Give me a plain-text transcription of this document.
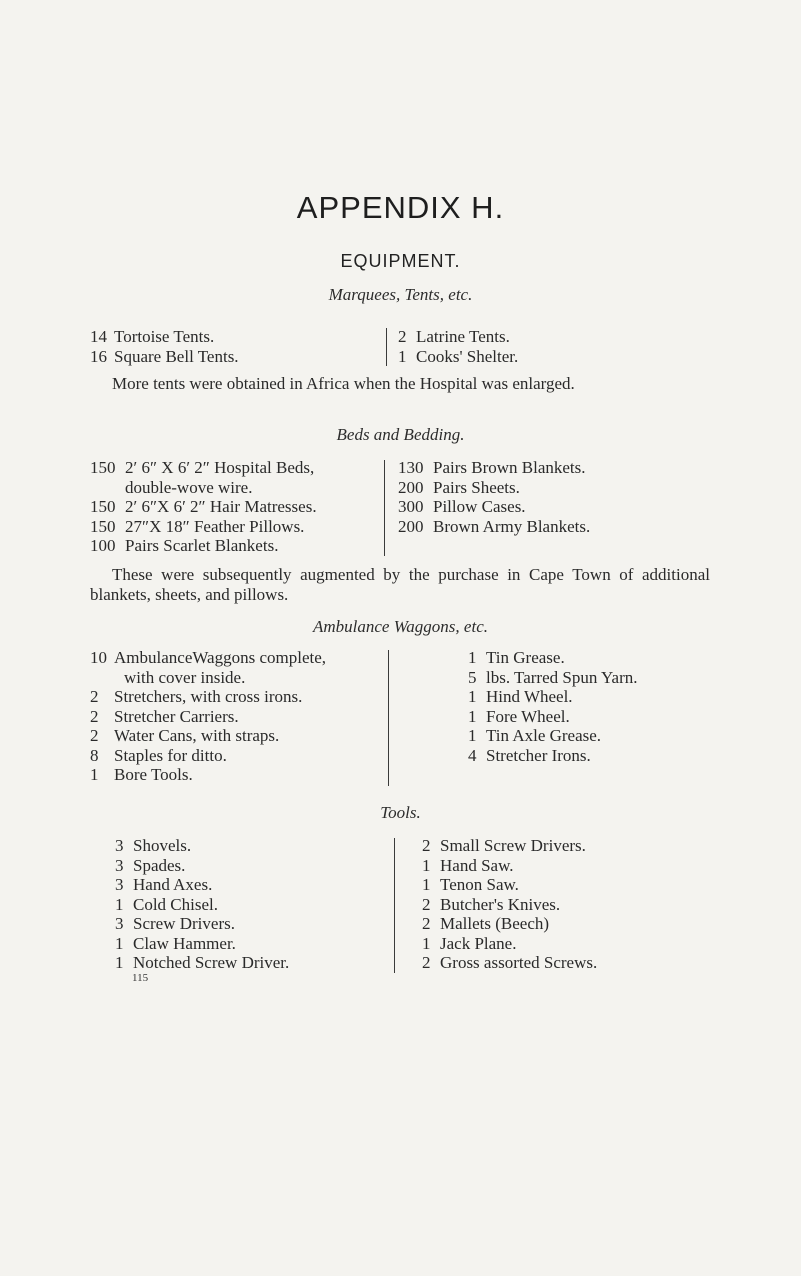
APPENDIX H.
EQUIPMENT.
Marquees, Tents, etc.
14 Tortoise Tents.
16 Square Bell Tents.
2 Latrine Tents.
1 Cooks' Shelter.
More tents were obtained in Africa when the Hospital was enlarged.
Beds and Bedding.
150 2′ 6″ X 6′ 2″ Hospital Beds,
double-wove wire.
150 2′ 6″X 6′ 2″ Hair Matresses.
150 27″X 18″ Feather Pillows.
100 Pairs Scarlet Blankets.
130 Pairs Brown Blankets.
200 Pairs Sheets.
300 Pillow Cases.
200 Brown Army Blankets.
These were subsequently augmented by the purchase in Cape Town of additional blankets, sheets, and pillows.
Ambulance Waggons, etc.
10 AmbulanceWaggons complete,
with cover inside.
2 Stretchers, with cross irons.
2 Stretcher Carriers.
2 Water Cans, with straps.
8 Staples for ditto.
1 Bore Tools.
1 Tin Grease.
5 lbs. Tarred Spun Yarn.
1 Hind Wheel.
1 Fore Wheel.
1 Tin Axle Grease.
4 Stretcher Irons.
Tools.
3 Shovels.
3 Spades.
3 Hand Axes.
1 Cold Chisel.
3 Screw Drivers.
1 Claw Hammer.
1 Notched Screw Driver.
115
2 Small Screw Drivers.
1 Hand Saw.
1 Tenon Saw.
2 Butcher's Knives.
2 Mallets (Beech)
1 Jack Plane.
2 Gross assorted Screws.
